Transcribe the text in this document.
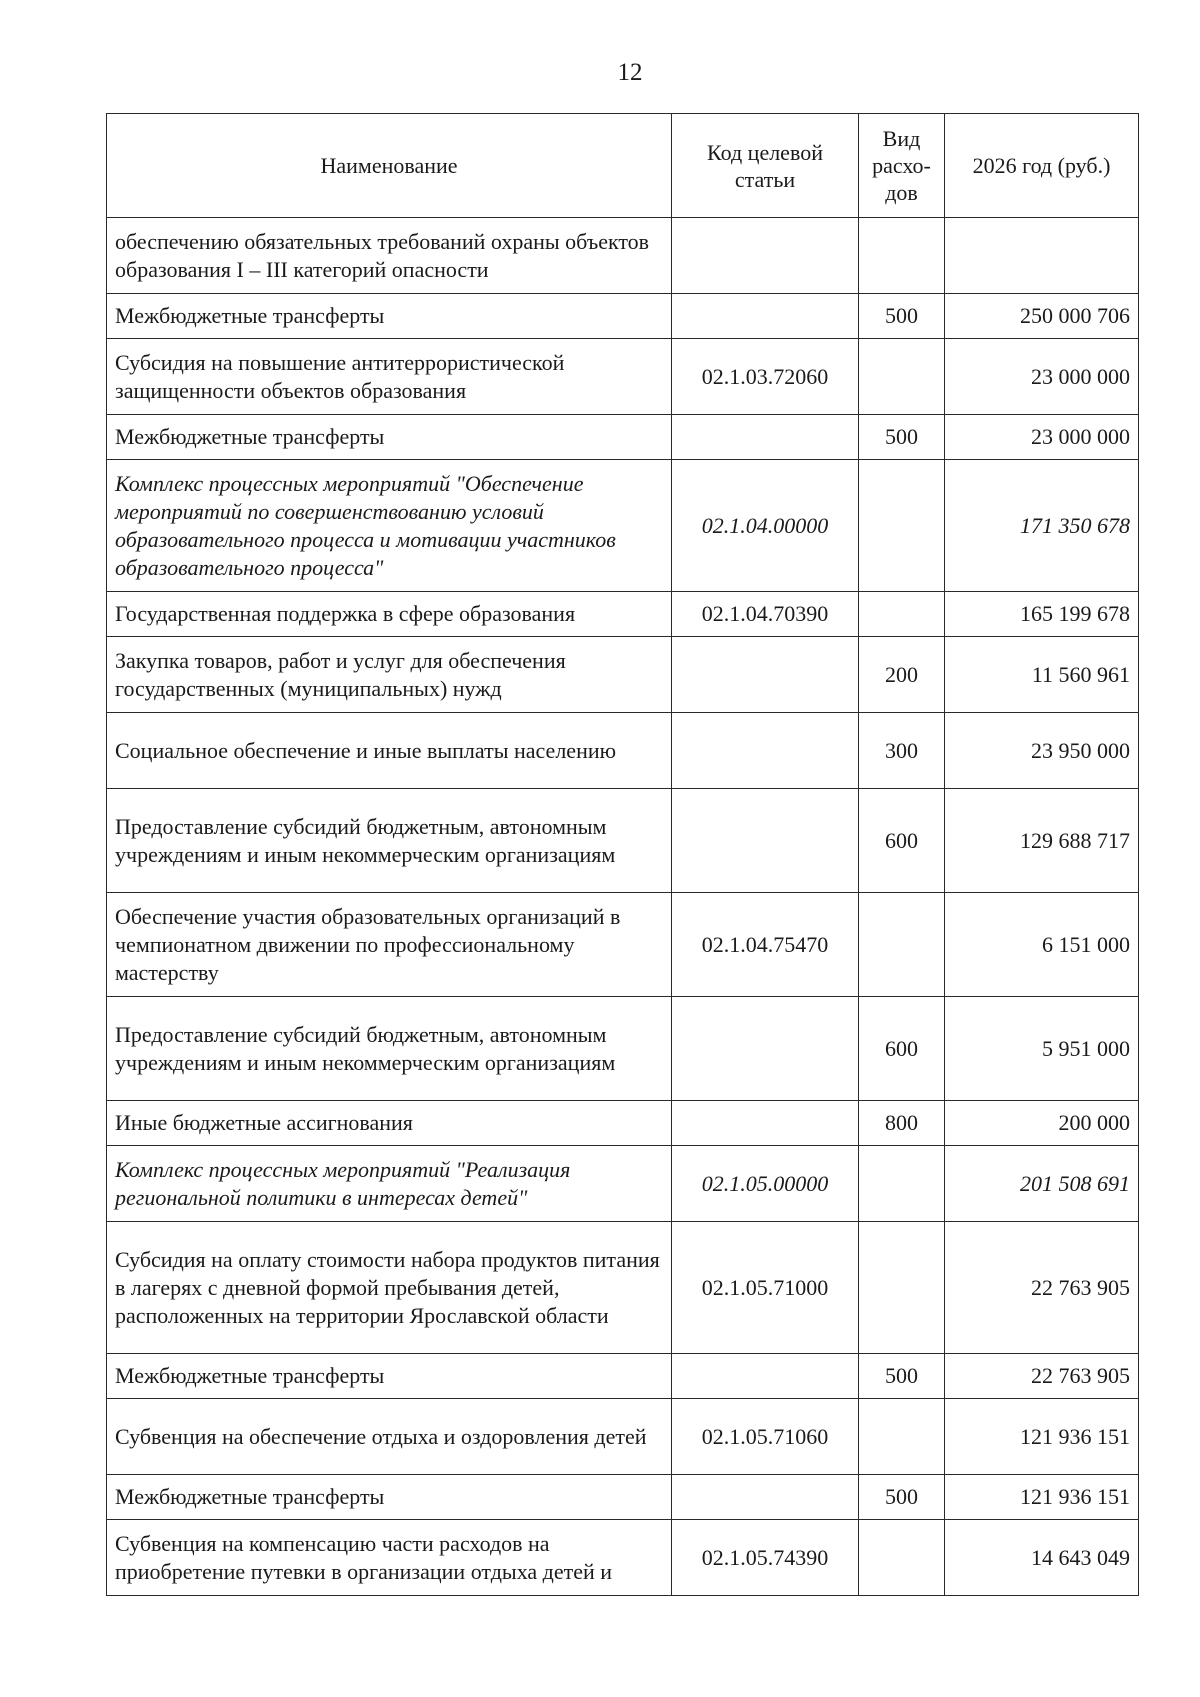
12
Наименование	Код целевой статьи	Вид расхо- дов	2026 год (руб.)
обеспечению обязательных требований охраны объектов образования I – III категорий опасности			
Межбюджетные трансферты		500	250 000 706
Субсидия на повышение антитеррористической защищенности объектов образования	02.1.03.72060		23 000 000
Межбюджетные трансферты		500	23 000 000
Комплекс процессных мероприятий "Обеспечение мероприятий по совершенствованию условий образовательного процесса и мотивации участников образовательного процесса"	02.1.04.00000		171 350 678
Государственная поддержка в сфере образования	02.1.04.70390		165 199 678
Закупка товаров, работ и услуг для обеспечения государственных (муниципальных) нужд		200	11 560 961
Социальное обеспечение и иные выплаты населению		300	23 950 000
Предоставление субсидий бюджетным, автономным учреждениям и иным некоммерческим организациям		600	129 688 717
Обеспечение участия образовательных организаций в чемпионатном движении по профессиональному мастерству	02.1.04.75470		6 151 000
Предоставление субсидий бюджетным, автономным учреждениям и иным некоммерческим организациям		600	5 951 000
Иные бюджетные ассигнования		800	200 000
Комплекс процессных мероприятий "Реализация региональной политики в интересах детей"	02.1.05.00000		201 508 691
Субсидия на оплату стоимости набора продуктов питания в лагерях с дневной формой пребывания детей, расположенных на территории Ярославской области	02.1.05.71000		22 763 905
Межбюджетные трансферты		500	22 763 905
Субвенция на обеспечение отдыха и оздоровления детей	02.1.05.71060		121 936 151
Межбюджетные трансферты		500	121 936 151
Субвенция на компенсацию части расходов на приобретение путевки в организации отдыха детей и	02.1.05.74390		14 643 049
